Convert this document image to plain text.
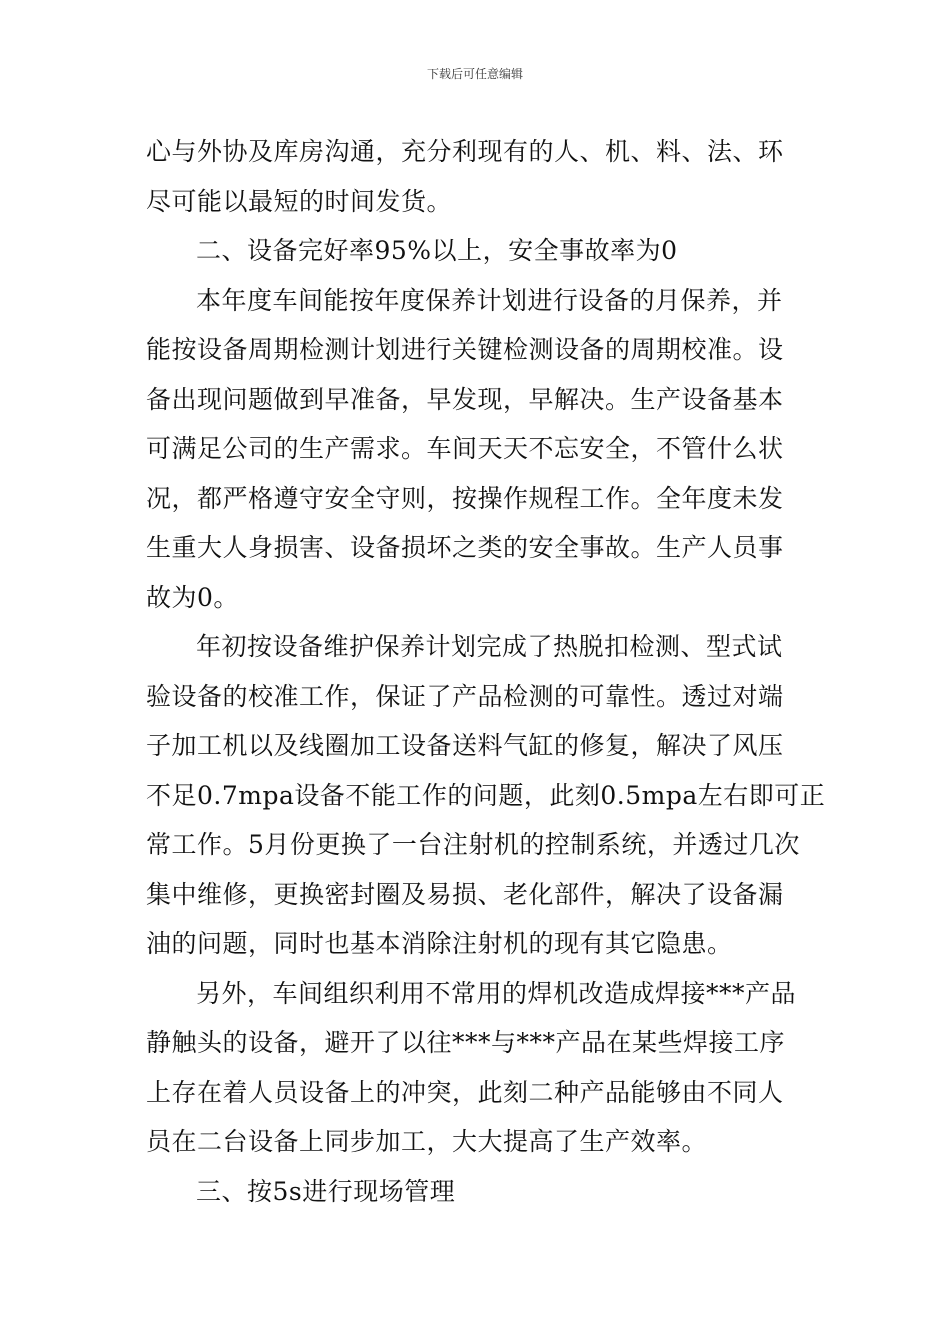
下载后可任意编辑
心与外协及库房沟通，充分利现有的人、机、料、法、环
尽可能以最短的时间发货。
二、设备完好率95%以上，安全事故率为0
本年度车间能按年度保养计划进行设备的月保养，并
能按设备周期检测计划进行关键检测设备的周期校准。设
备出现问题做到早准备，早发现，早解决。生产设备基本
可满足公司的生产需求。车间天天不忘安全，不管什么状
况，都严格遵守安全守则，按操作规程工作。全年度未发
生重大人身损害、设备损坏之类的安全事故。生产人员事
故为0。
年初按设备维护保养计划完成了热脱扣检测、型式试
验设备的校准工作，保证了产品检测的可靠性。透过对端
子加工机以及线圈加工设备送料气缸的修复，解决了风压
不足0.7mpa设备不能工作的问题，此刻0.5mpa左右即可正
常工作。5月份更换了一台注射机的控制系统，并透过几次
集中维修，更换密封圈及易损、老化部件，解决了设备漏
油的问题，同时也基本消除注射机的现有其它隐患。
另外，车间组织利用不常用的焊机改造成焊接***产品
静触头的设备，避开了以往***与***产品在某些焊接工序
上存在着人员设备上的冲突，此刻二种产品能够由不同人
员在二台设备上同步加工，大大提高了生产效率。
三、按5s进行现场管理
